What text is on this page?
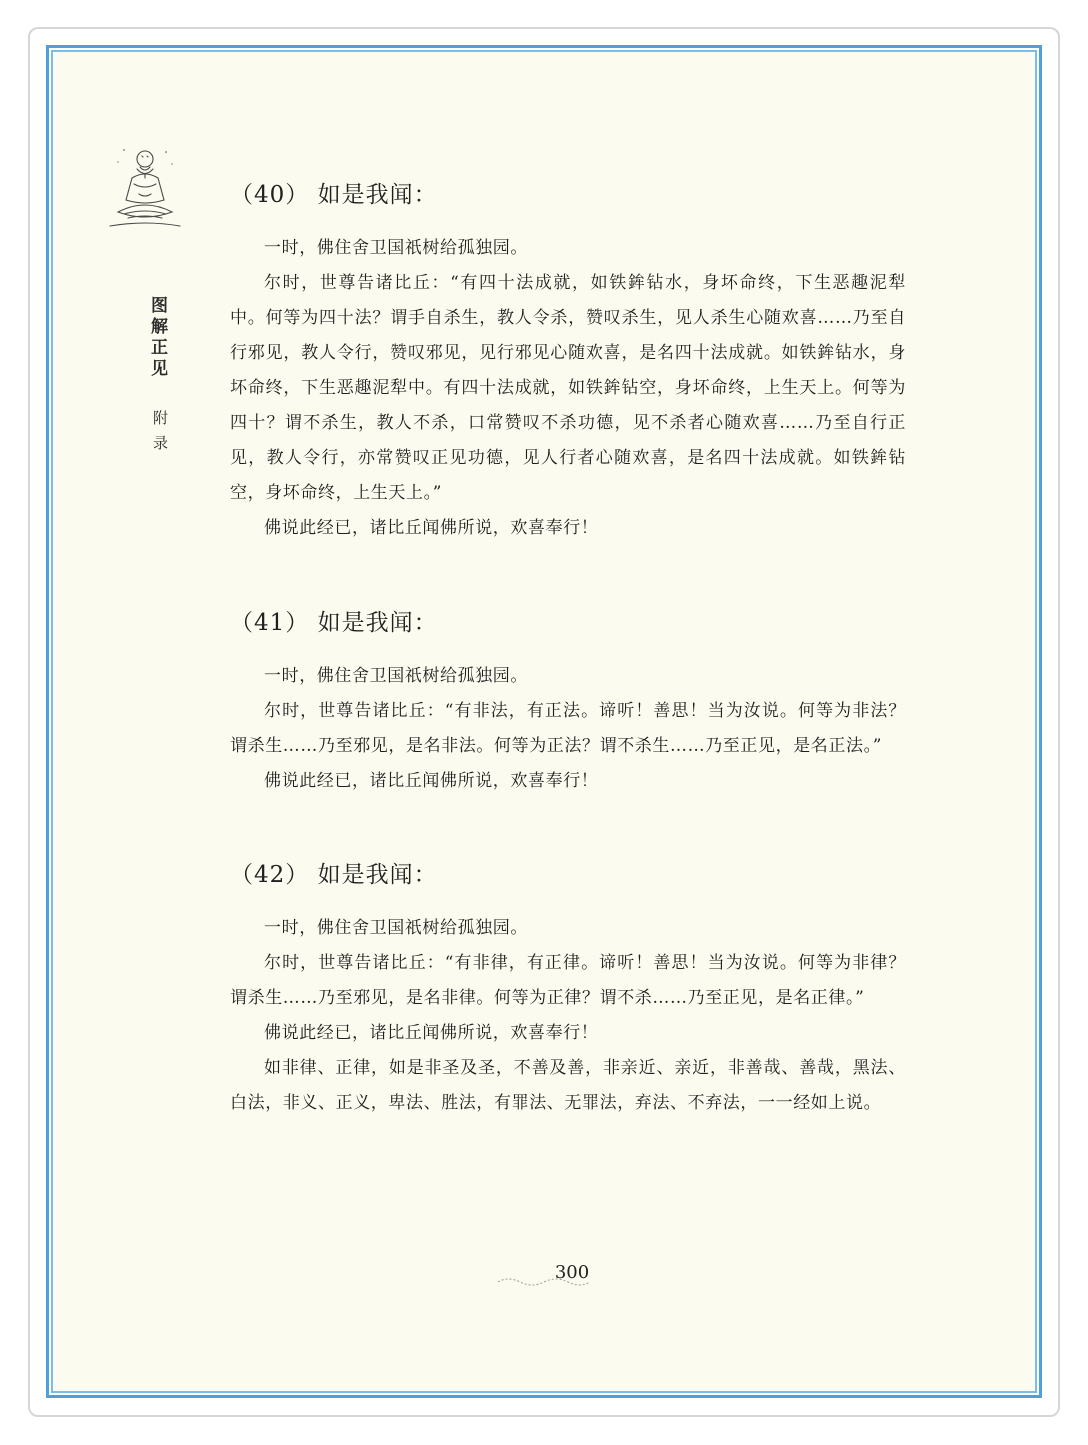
图解正见
附录
（40） 如是我闻：

一时，佛住舍卫国祇树给孤独园。

尔时，世尊告诸比丘：“有四十法成就，如铁鉾钻水，身坏命终，下生恶趣泥犁中。何等为四十法？谓手自杀生，教人令杀，赞叹杀生，见人杀生心随欢喜……乃至自行邪见，教人令行，赞叹邪见，见行邪见心随欢喜，是名四十法成就。如铁鉾钻水，身坏命终，下生恶趣泥犁中。有四十法成就，如铁鉾钻空，身坏命终，上生天上。何等为四十？谓不杀生，教人不杀，口常赞叹不杀功德，见不杀者心随欢喜……乃至自行正见，教人令行，亦常赞叹正见功德，见人行者心随欢喜，是名四十法成就。如铁鉾钻空，身坏命终，上生天上。”

佛说此经已，诸比丘闻佛所说，欢喜奉行！

（41） 如是我闻：

一时，佛住舍卫国祇树给孤独园。

尔时，世尊告诸比丘：“有非法，有正法。谛听！善思！当为汝说。何等为非法？谓杀生……乃至邪见，是名非法。何等为正法？谓不杀生……乃至正见，是名正法。”

佛说此经已，诸比丘闻佛所说，欢喜奉行！

（42） 如是我闻：

一时，佛住舍卫国祇树给孤独园。

尔时，世尊告诸比丘：“有非律，有正律。谛听！善思！当为汝说。何等为非律？谓杀生……乃至邪见，是名非律。何等为正律？谓不杀……乃至正见，是名正律。”

佛说此经已，诸比丘闻佛所说，欢喜奉行！

如非律、正律，如是非圣及圣，不善及善，非亲近、亲近，非善哉、善哉，黑法、白法，非义、正义，卑法、胜法，有罪法、无罪法，弃法、不弃法，一一经如上说。

300
